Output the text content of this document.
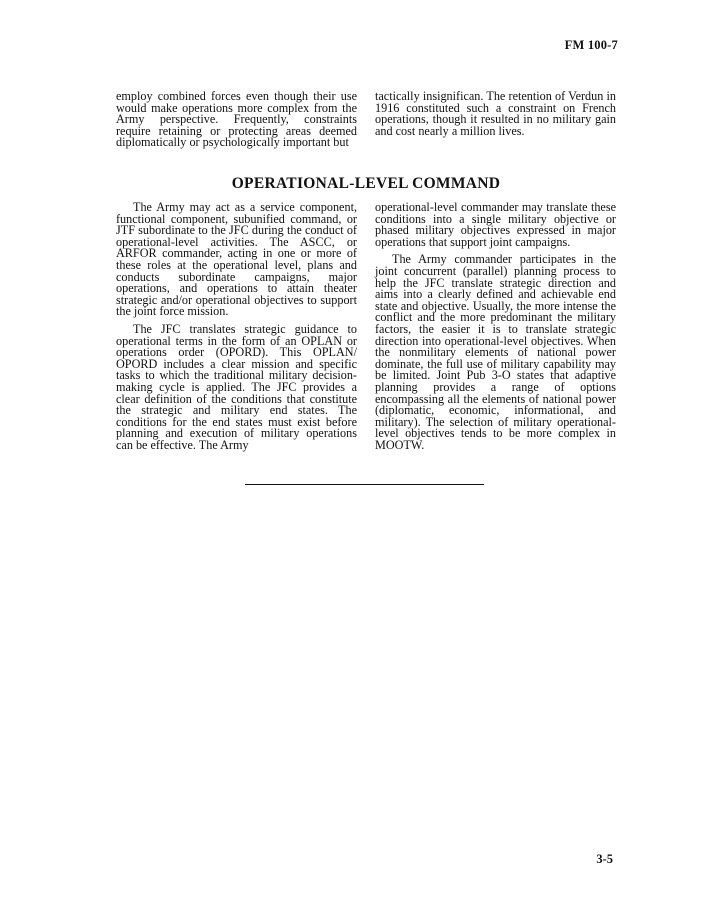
FM 100-7

employ combined forces even though their use would make operations more complex from the Army perspective. Frequently, constraints require retaining or protecting areas deemed diplomatically or psychologically important but

tactically insignifican. The retention of Verdun in 1916 constituted such a constraint on French operations, though it resulted in no military gain and cost nearly a million lives.

OPERATIONAL-LEVEL COMMAND

The Army may act as a service component, functional component, subunified command, or JTF subordinate to the JFC during the conduct of operational-level activities. The ASCC, or ARFOR commander, acting in one or more of these roles at the operational level, plans and conducts subordinate campaigns, major operations, and operations to attain theater strategic and/or operational objectives to support the joint force mission.

The JFC translates strategic guidance to operational terms in the form of an OPLAN or operations order (OPORD). This OPLAN/ OPORD includes a clear mission and specific tasks to which the traditional military decision-making cycle is applied. The JFC provides a clear definition of the conditions that constitute the strategic and military end states. The conditions for the end states must exist before planning and execution of military operations can be effective. The Army

operational-level commander may translate these conditions into a single military objective or phased military objectives expressed in major operations that support joint campaigns.

The Army commander participates in the joint concurrent (parallel) planning process to help the JFC translate strategic direction and aims into a clearly defined and achievable end state and objective. Usually, the more intense the conflict and the more predominant the military factors, the easier it is to translate strategic direction into operational-level objectives. When the nonmilitary elements of national power dominate, the full use of military capability may be limited. Joint Pub 3-O states that adaptive planning provides a range of options encompassing all the elements of national power (diplomatic, economic, informational, and military). The selection of military operational-level objectives tends to be more complex in MOOTW.

3-5
